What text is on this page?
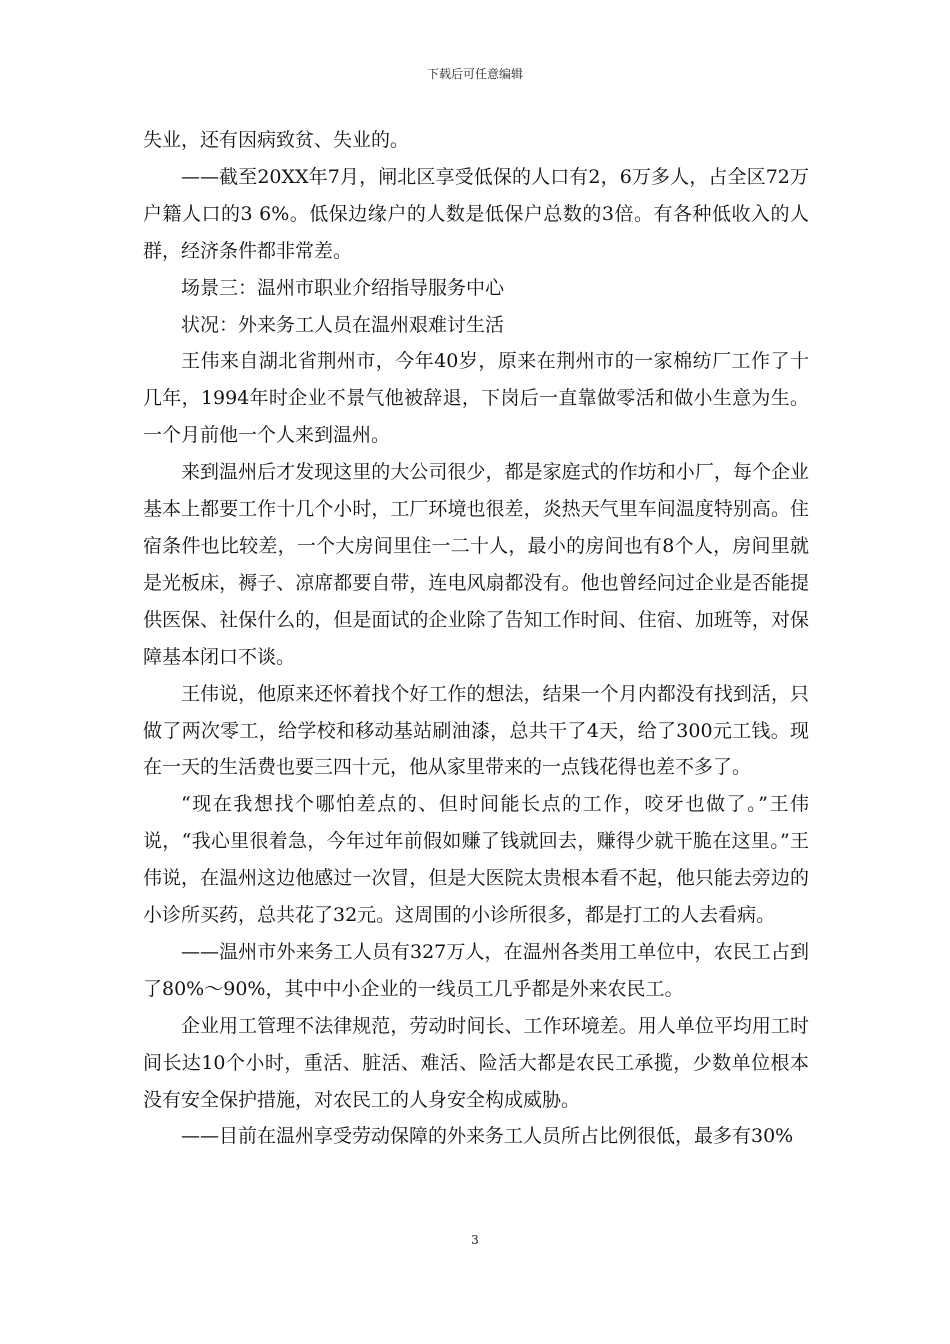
下载后可任意编辑

失业，还有因病致贫、失业的。

——截至20XX年7月，闸北区享受低保的人口有2，6万多人，占全区72万户籍人口的3 6%。低保边缘户的人数是低保户总数的3倍。有各种低收入的人群，经济条件都非常差。

场景三：温州市职业介绍指导服务中心

状况：外来务工人员在温州艰难讨生活

王伟来自湖北省荆州市，今年40岁，原来在荆州市的一家棉纺厂工作了十几年，1994年时企业不景气他被辞退，下岗后一直靠做零活和做小生意为生。一个月前他一个人来到温州。

来到温州后才发现这里的大公司很少，都是家庭式的作坊和小厂，每个企业基本上都要工作十几个小时，工厂环境也很差，炎热天气里车间温度特别高。住宿条件也比较差，一个大房间里住一二十人，最小的房间也有8个人，房间里就是光板床，褥子、凉席都要自带，连电风扇都没有。他也曾经问过企业是否能提供医保、社保什么的，但是面试的企业除了告知工作时间、住宿、加班等，对保障基本闭口不谈。

王伟说，他原来还怀着找个好工作的想法，结果一个月内都没有找到活，只做了两次零工，给学校和移动基站刷油漆，总共干了4天，给了300元工钱。现在一天的生活费也要三四十元，他从家里带来的一点钱花得也差不多了。

“现在我想找个哪怕差点的、但时间能长点的工作，咬牙也做了。”王伟说，“我心里很着急，今年过年前假如赚了钱就回去，赚得少就干脆在这里。”王伟说，在温州这边他感过一次冒，但是大医院太贵根本看不起，他只能去旁边的小诊所买药，总共花了32元。这周围的小诊所很多，都是打工的人去看病。

——温州市外来务工人员有327万人，在温州各类用工单位中，农民工占到了80%～90%，其中中小企业的一线员工几乎都是外来农民工。

企业用工管理不法律规范，劳动时间长、工作环境差。用人单位平均用工时间长达10个小时，重活、脏活、难活、险活大都是农民工承揽，少数单位根本没有安全保护措施，对农民工的人身安全构成威胁。

——目前在温州享受劳动保障的外来务工人员所占比例很低，最多有30%

3
